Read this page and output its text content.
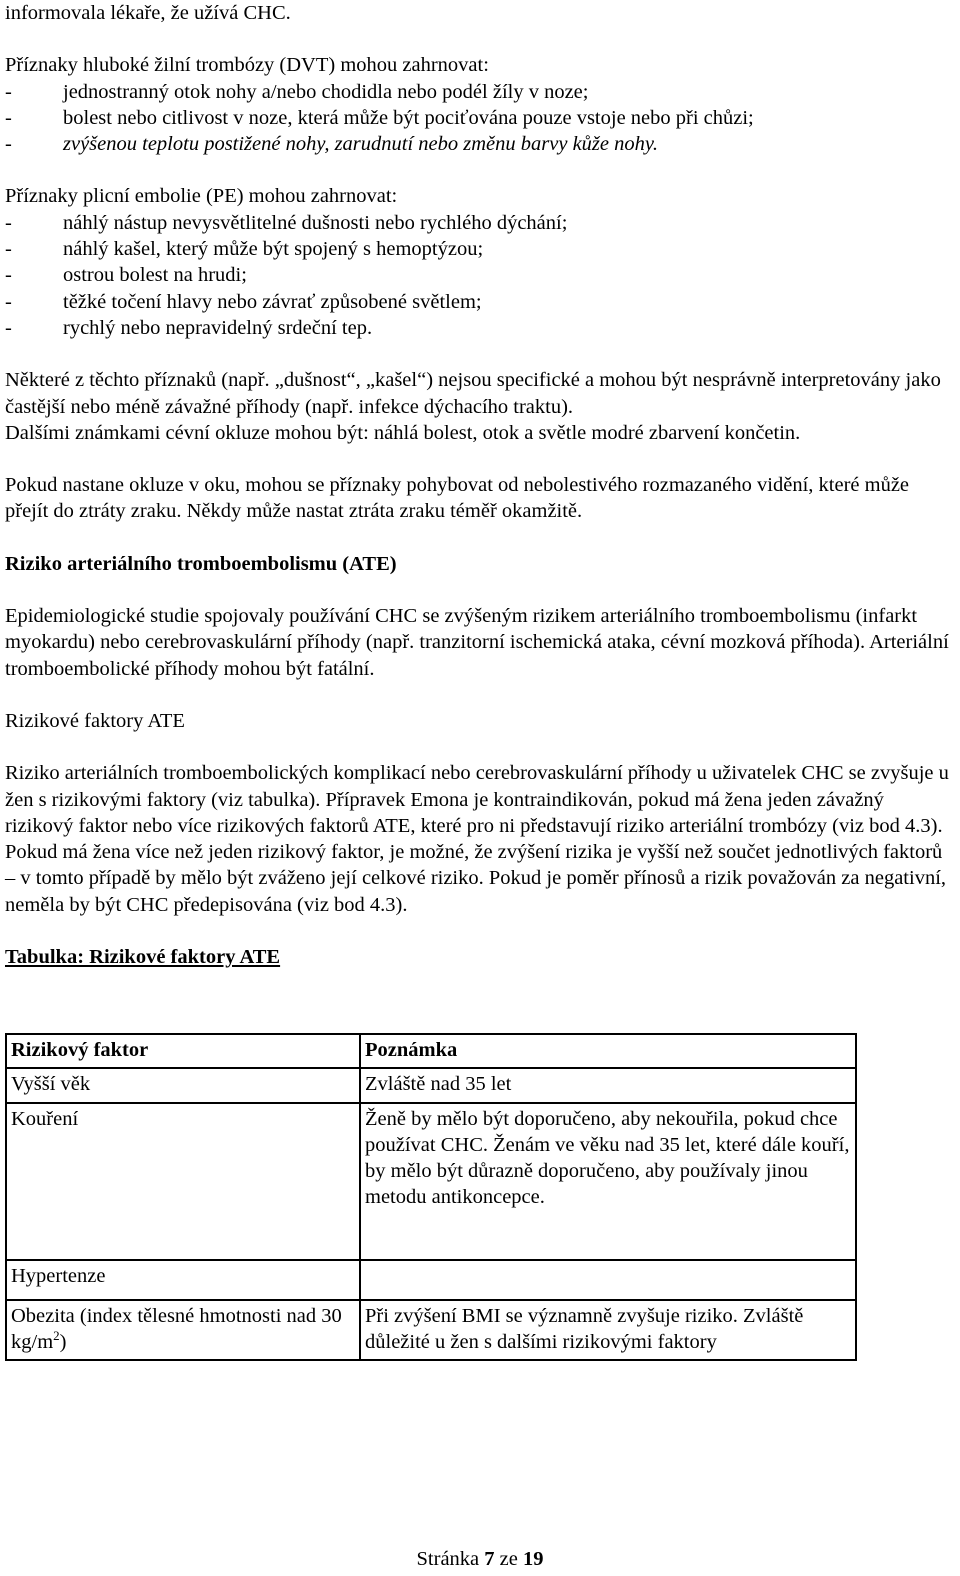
informovala lékaře, že užívá CHC.

Příznaky hluboké žilní trombózy (DVT) mohou zahrnovat:

-	jednostranný otok nohy a/nebo chodidla nebo podél žíly v noze;
-	bolest nebo citlivost v noze, která může být pociťována pouze vstoje nebo při chůzi;
-	zvýšenou teplotu postižené nohy, zarudnutí nebo změnu barvy kůže nohy.

Příznaky plicní embolie (PE) mohou zahrnovat:

-	náhlý nástup nevysvětlitelné dušnosti nebo rychlého dýchání;
-	náhlý kašel, který může být spojený s hemoptýzou;
-	ostrou bolest na hrudi;
-	těžké točení hlavy nebo závrať způsobené světlem;
-	rychlý nebo nepravidelný srdeční tep.

Některé z těchto příznaků (např. „dušnost“, „kašel“) nejsou specifické a mohou být nesprávně interpretovány jako častější nebo méně závažné příhody (např. infekce dýchacího traktu).

Dalšími známkami cévní okluze mohou být: náhlá bolest, otok a světle modré zbarvení končetin.

Pokud nastane okluze v oku, mohou se příznaky pohybovat od nebolestivého rozmazaného vidění, které může přejít do ztráty zraku. Někdy může nastat ztráta zraku téměř okamžitě.

Riziko arteriálního tromboembolismu (ATE)

Epidemiologické studie spojovaly používání CHC se zvýšeným rizikem arteriálního tromboembolismu (infarkt myokardu) nebo cerebrovaskulární příhody (např. tranzitorní ischemická ataka, cévní mozková příhoda). Arteriální tromboembolické příhody mohou být fatální.

Rizikové faktory ATE

Riziko arteriálních tromboembolických komplikací nebo cerebrovaskulární příhody u uživatelek CHC se zvyšuje u žen s rizikovými faktory (viz tabulka). Přípravek Emona je kontraindikován, pokud má žena jeden závažný rizikový faktor nebo více rizikových faktorů ATE, které pro ni představují riziko arteriální trombózy (viz bod 4.3). Pokud má žena více než jeden rizikový faktor, je možné, že zvýšení rizika je vyšší než součet jednotlivých faktorů – v tomto případě by mělo být zváženo její celkové riziko. Pokud je poměr přínosů a rizik považován za negativní, neměla by být CHC předepisována (viz bod 4.3).

Tabulka: Rizikové faktory ATE

Rizikový faktor	Poznámka
Vyšší věk	Zvláště nad 35 let
Kouření	Ženě by mělo být doporučeno, aby nekouřila, pokud chce používat CHC. Ženám ve věku nad 35 let, které dále kouří, by mělo být důrazně doporučeno, aby používaly jinou metodu antikoncepce.
Hypertenze	
Obezita (index tělesné hmotnosti nad 30 $kg/m^2$)	Při zvýšení BMI se významně zvyšuje riziko. Zvláště důležité u žen s dalšími rizikovými faktory
Stránka 7 ze 19
